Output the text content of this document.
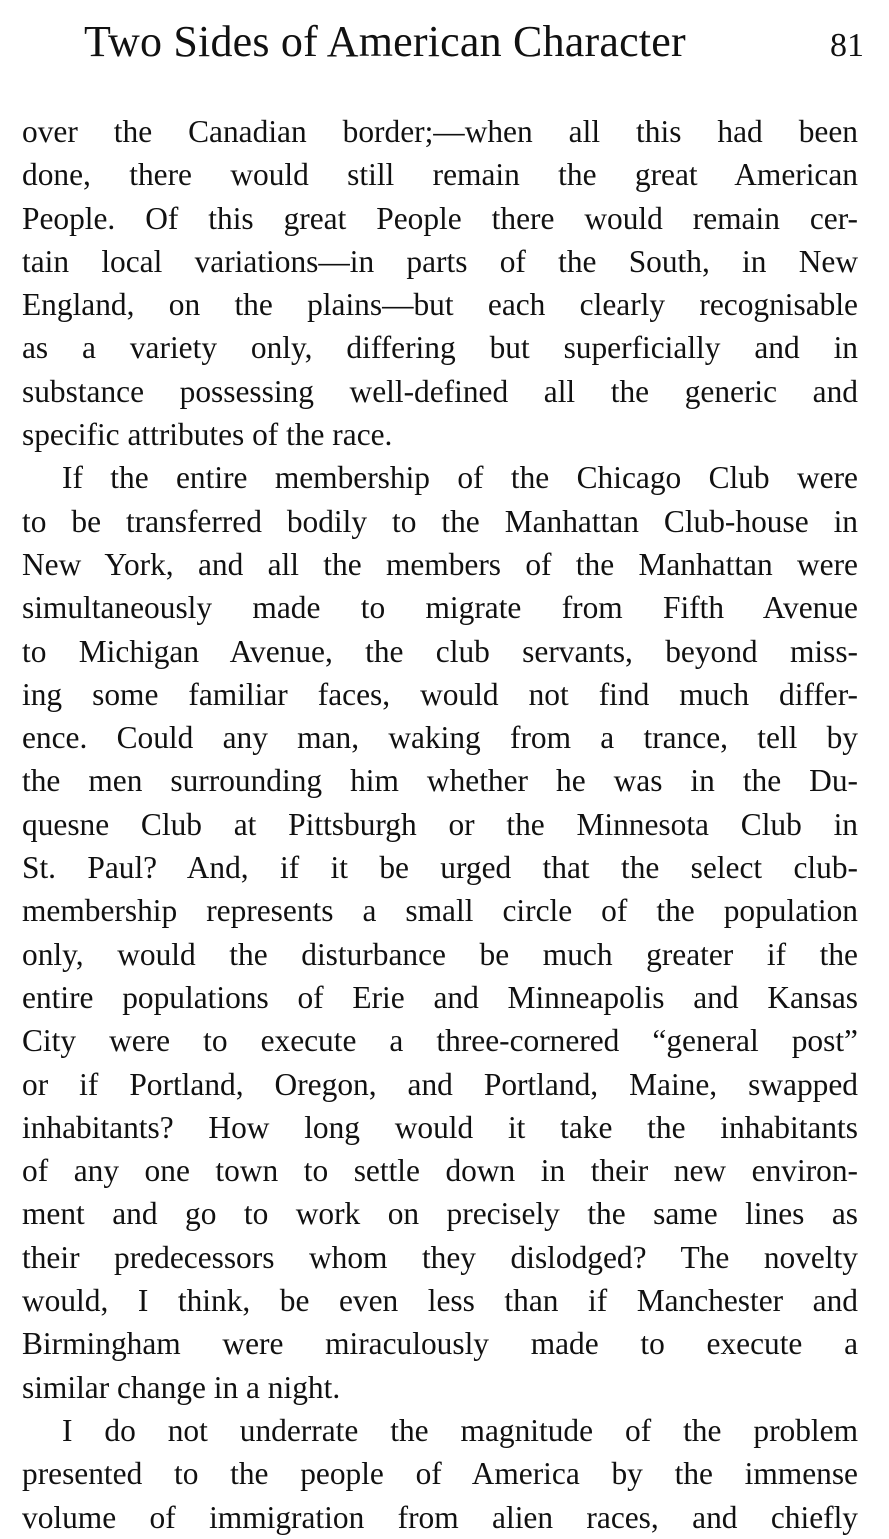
Two Sides of American Character	81

over the Canadian border;—when all this had been
done, there would still remain the great American
People. Of this great People there would remain cer-
tain local variations—in parts of the South, in New
England, on the plains—but each clearly recognisable
as a variety only, differing but superficially and in
substance possessing well-defined all the generic and
specific attributes of the race.

If the entire membership of the Chicago Club were
to be transferred bodily to the Manhattan Club-house in
New York, and all the members of the Manhattan were
simultaneously made to migrate from Fifth Avenue
to Michigan Avenue, the club servants, beyond miss-
ing some familiar faces, would not find much differ-
ence. Could any man, waking from a trance, tell by
the men surrounding him whether he was in the Du-
quesne Club at Pittsburgh or the Minnesota Club in
St. Paul? And, if it be urged that the select club-
membership represents a small circle of the population
only, would the disturbance be much greater if the
entire populations of Erie and Minneapolis and Kansas
City were to execute a three-cornered “general post”
or if Portland, Oregon, and Portland, Maine, swapped
inhabitants? How long would it take the inhabitants
of any one town to settle down in their new environ-
ment and go to work on precisely the same lines as
their predecessors whom they dislodged? The novelty
would, I think, be even less than if Manchester and
Birmingham were miraculously made to execute a
similar change in a night.

I do not underrate the magnitude of the problem
presented to the people of America by the immense
volume of immigration from alien races, and chiefly
